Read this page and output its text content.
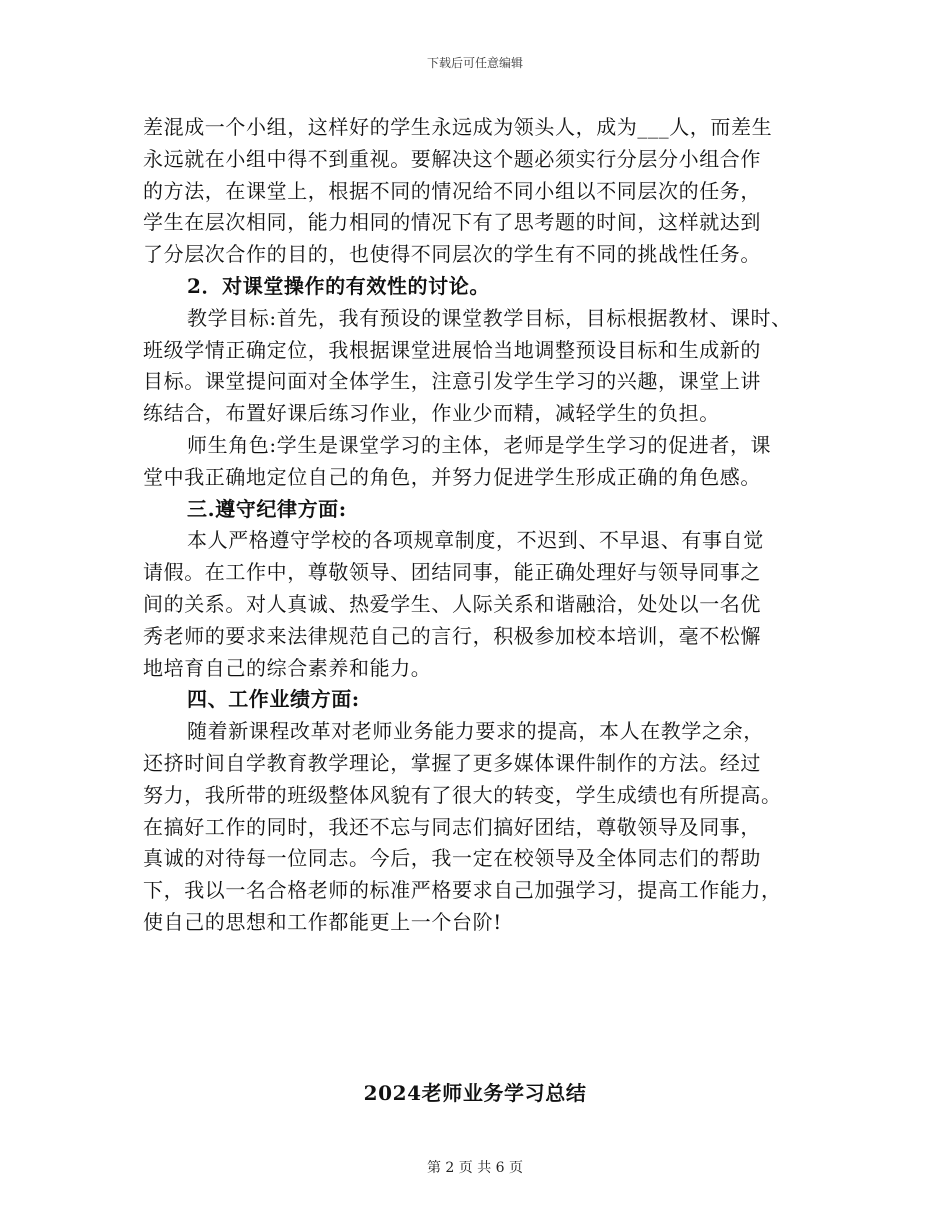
下载后可任意编辑

差混成一个小组，这样好的学生永远成为领头人，成为___人，而差生

永远就在小组中得不到重视。要解决这个题必须实行分层分小组合作

的方法，在课堂上，根据不同的情况给不同小组以不同层次的任务，

学生在层次相同，能力相同的情况下有了思考题的时间，这样就达到

了分层次合作的目的，也使得不同层次的学生有不同的挑战性任务。

2．对课堂操作的有效性的讨论。

教学目标:首先，我有预设的课堂教学目标，目标根据教材、课时、

班级学情正确定位，我根据课堂进展恰当地调整预设目标和生成新的

目标。课堂提问面对全体学生，注意引发学生学习的兴趣，课堂上讲

练结合，布置好课后练习作业，作业少而精，减轻学生的负担。

师生角色:学生是课堂学习的主体，老师是学生学习的促进者，课

堂中我正确地定位自己的角色，并努力促进学生形成正确的角色感。

三.遵守纪律方面:

本人严格遵守学校的各项规章制度，不迟到、不早退、有事自觉

请假。在工作中，尊敬领导、团结同事，能正确处理好与领导同事之

间的关系。对人真诚、热爱学生、人际关系和谐融洽，处处以一名优

秀老师的要求来法律规范自己的言行，积极参加校本培训，毫不松懈

地培育自己的综合素养和能力。

四、工作业绩方面:

随着新课程改革对老师业务能力要求的提高，本人在教学之余，

还挤时间自学教育教学理论，掌握了更多媒体课件制作的方法。经过

努力，我所带的班级整体风貌有了很大的转变，学生成绩也有所提高。

在搞好工作的同时，我还不忘与同志们搞好团结，尊敬领导及同事，

真诚的对待每一位同志。今后，我一定在校领导及全体同志们的帮助

下，我以一名合格老师的标准严格要求自己加强学习，提高工作能力，

使自己的思想和工作都能更上一个台阶!

2024老师业务学习总结
第 2 页 共 6 页
